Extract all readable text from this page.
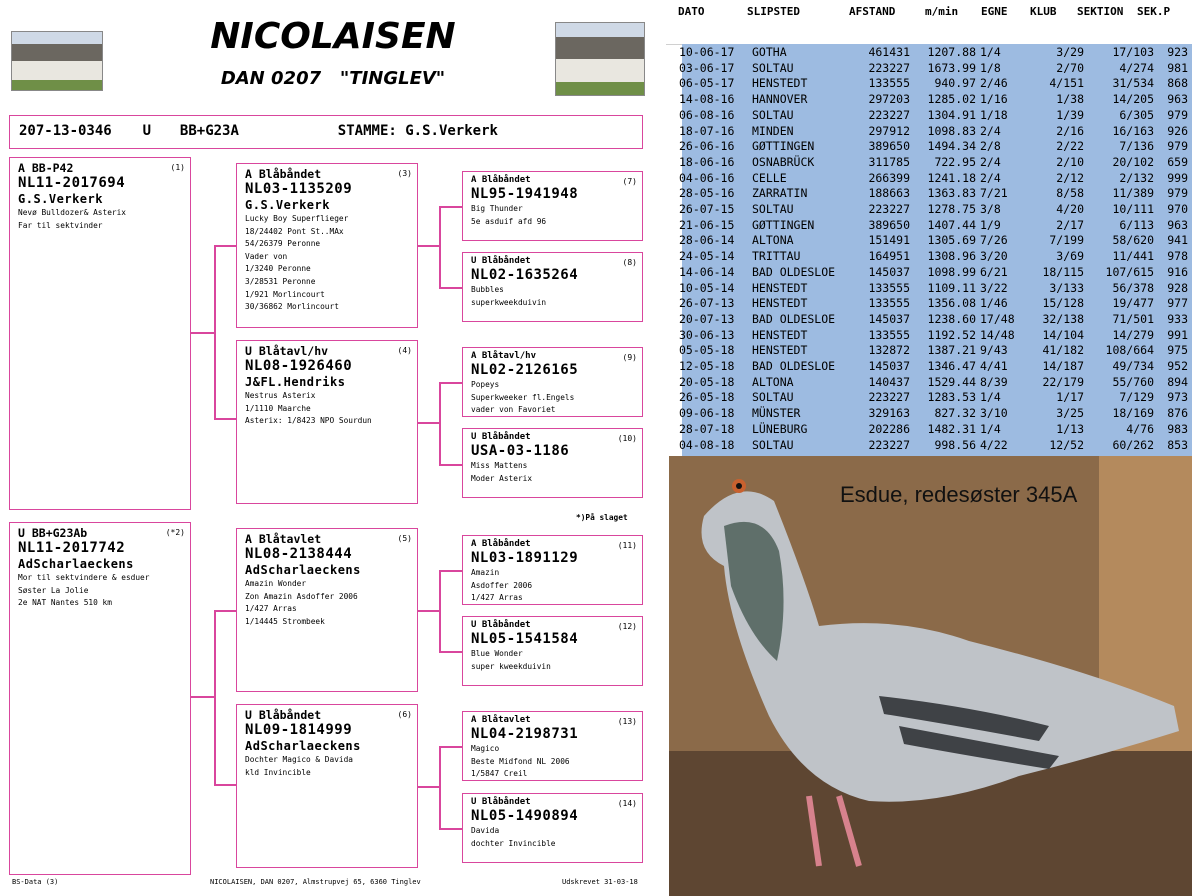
NICOLAISEN
DAN 0207   "TINGLEV"
207-13-0346 U BB+G23A	STAMME: G.S.Verkerk
(1)
A BB-P42
NL11-2017694
G.S.Verkerk
Nevø Bulldozer& Asterix
Far til sektvinder
(*2)
U BB+G23Ab
NL11-2017742
AdScharlaeckens
Mor til sektvindere & esduer
Søster La Jolie
2e NAT Nantes 510 km
(3)
A Blåbåndet
NL03-1135209
G.S.Verkerk
Lucky Boy Superflieger
18/24402 Pont St..MAx
54/26379 Peronne
Vader von
1/3240 Peronne
3/28531 Peronne
1/921 Morlincourt
30/36862 Morlincourt
(4)
U Blåtavl/hv
NL08-1926460
J&FL.Hendriks
Nestrus Asterix
1/1110 Maarche
Asterix: 1/8423 NPO Sourdun
(5)
A Blåtavlet
NL08-2138444
AdScharlaeckens
Amazin Wonder
Zon Amazin Asdoffer 2006
1/427 Arras
1/14445 Strombeek
(6)
U Blåbåndet
NL09-1814999
AdScharlaeckens
Dochter Magico & Davida
kld Invincible
(7)
A Blåbåndet
NL95-1941948
Big Thunder
5e asduif afd 96
(8)
U Blåbåndet
NL02-1635264
Bubbles
superkweekduivin
(9)
A Blåtavl/hv
NL02-2126165
Popeys
Superkweeker fl.Engels
vader von Favoriet
(10)
U Blåbåndet
USA-03-1186
Miss Mattens
Moder Asterix
*)På slaget
(11)
A Blåbåndet
NL03-1891129
Amazin
Asdoffer 2006
1/427 Arras
(12)
U Blåbåndet
NL05-1541584
Blue Wonder
super kweekduivin
(13)
A Blåtavlet
NL04-2198731
Magico
Beste Midfond NL 2006
1/5847 Creil
(14)
U Blåbåndet
NL05-1490894
Davida
dochter Invincible
BS-Data (3)	NICOLAISEN, DAN 0207, Almstrupvej 65, 6360 Tinglev	Udskrevet 31-03-18
DATO	SLIPSTED	AFSTAND	m/min EGNE KLUB SEKTION SEK.P
10-06-17 GOTHA	461431	1207.88 1/4	3/29	17/103	923
03-06-17 SOLTAU	223227	1673.99 1/8	2/70	4/274	981
06-05-17 HENSTEDT	133555	940.97 2/46	4/151	31/534	868
14-08-16 HANNOVER	297203	1285.02 1/16	1/38	14/205	963
06-08-16 SOLTAU	223227	1304.91 1/18	1/39	6/305	979
18-07-16 MINDEN	297912	1098.83 2/4	2/16	16/163	926
26-06-16 GØTTINGEN	389650	1494.34 2/8	2/22	7/136	979
18-06-16 OSNABRÜCK	311785	722.95 2/4	2/10	20/102	659
04-06-16 CELLE	266399	1241.18 2/4	2/12	2/132	999
28-05-16 ZARRATIN	188663	1363.83 7/21	8/58	11/389	979
26-07-15 SOLTAU	223227	1278.75 3/8	4/20	10/111	970
21-06-15 GØTTINGEN	389650	1407.44 1/9	2/17	6/113	963
28-06-14 ALTONA	151491	1305.69 7/26	7/199	58/620	941
24-05-14 TRITTAU	164951	1308.96 3/20	3/69	11/441	978
14-06-14 BAD OLDESLOE	145037	1098.99 6/21	18/115	107/615	916
10-05-14 HENSTEDT	133555	1109.11 3/22	3/133	56/378	928
26-07-13 HENSTEDT	133555	1356.08 1/46	15/128	19/477	977
20-07-13 BAD OLDESLOE	145037	1238.60 17/48	32/138	71/501	933
30-06-13 HENSTEDT	133555	1192.52 14/48	14/104	14/279	991
05-05-18 HENSTEDT	132872	1387.21 9/43	41/182	108/664	975
12-05-18 BAD OLDESLOE	145037	1346.47 4/41	14/187	49/734	952
20-05-18 ALTONA	140437	1529.44 8/39	22/179	55/760	894
26-05-18 SOLTAU	223227	1283.53 1/4	1/17	7/129	973
09-06-18 MÜNSTER	329163	827.32 3/10	3/25	18/169	876
28-07-18 LÜNEBURG	202286	1482.31 1/4	1/13	4/76	983
04-08-18 SOLTAU	223227	998.56 4/22	12/52	60/262	853
Esdue, redesøster 345A
